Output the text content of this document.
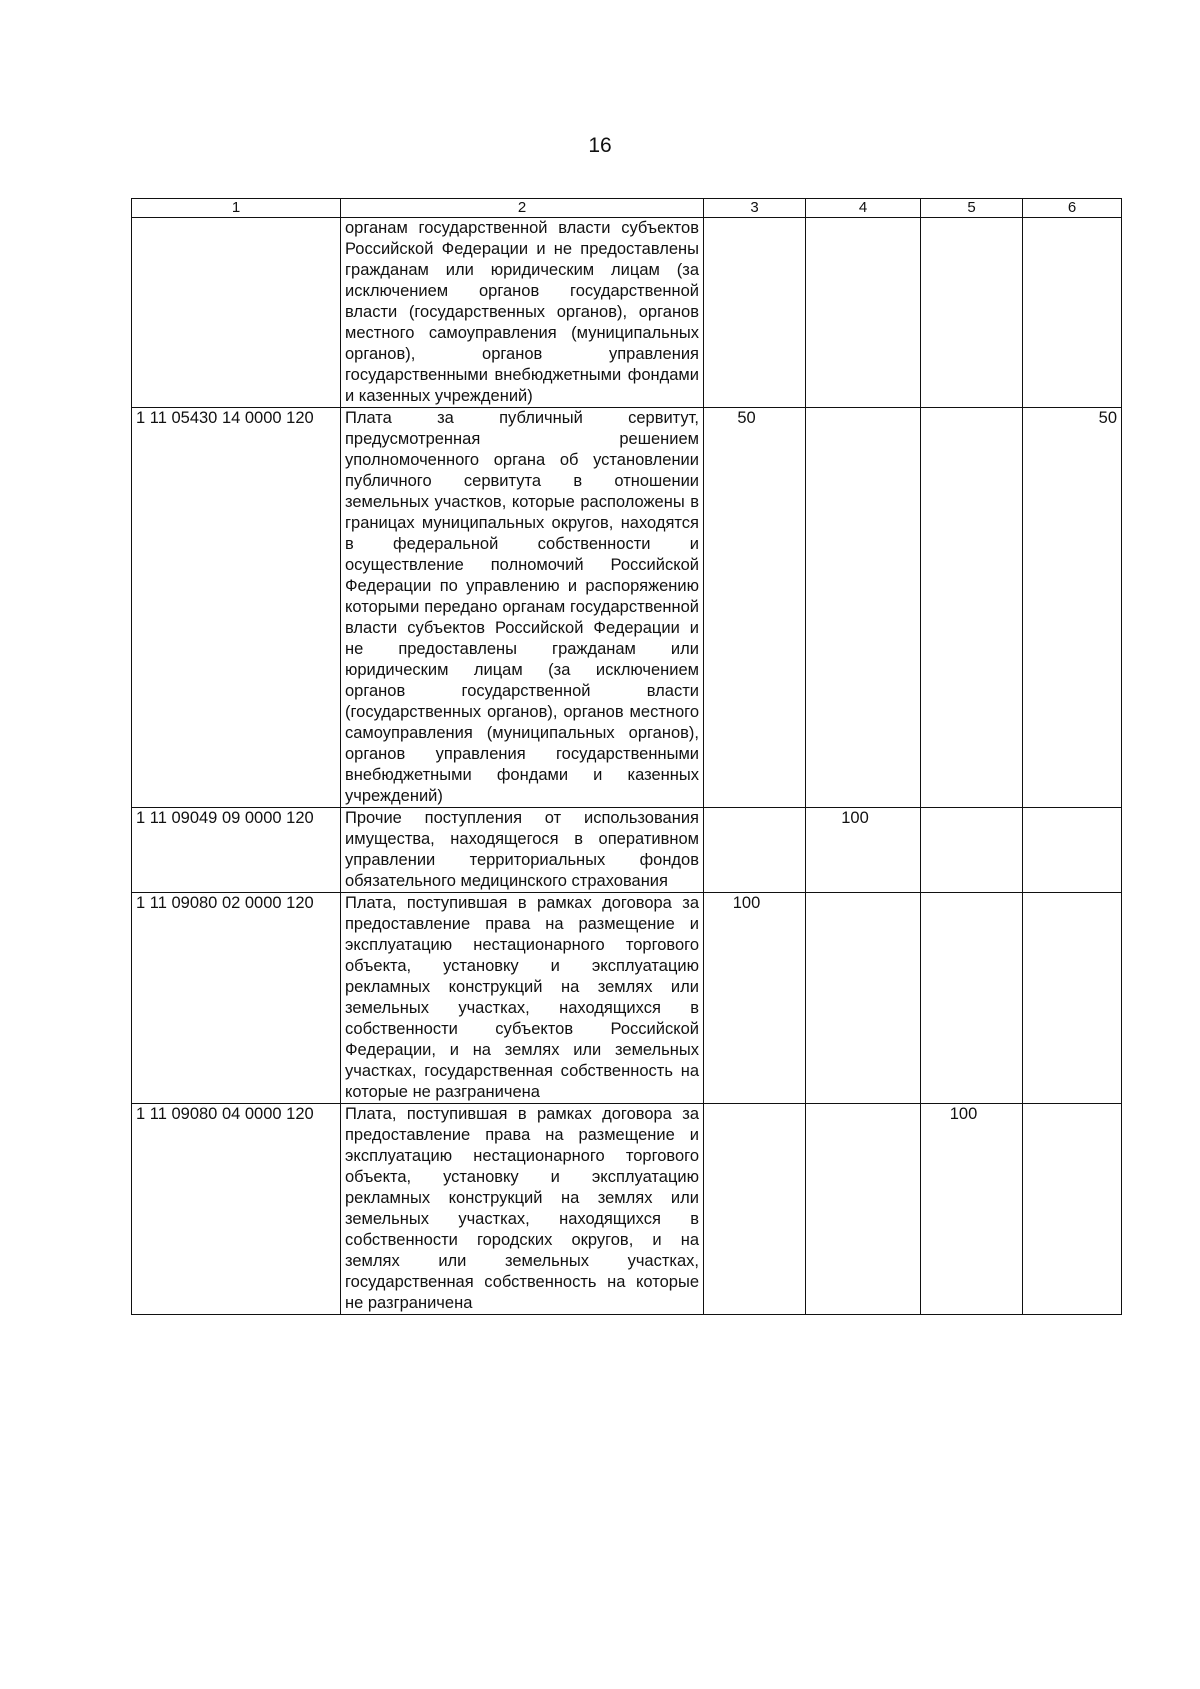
16
1	2	3	4	5	6
	органам государственной власти субъектов Российской Федерации и не предоставлены гражданам или юридическим лицам (за исключением органов государственной власти (государственных органов), органов местного самоуправления (муниципальных органов), органов управления государственными внебюджетными фондами и казенных учреждений)				
1 11 05430 14 0000 120	Плата за публичный сервитут, предусмотренная решением уполномоченного органа об установлении публичного сервитута в отношении земельных участков, которые расположены в границах муниципальных округов, находятся в федеральной собственности и осуществление полномочий Российской Федерации по управлению и распоряжению которыми передано органам государственной власти субъектов Российской Федерации и не предоставлены гражданам или юридическим лицам (за исключением органов государственной власти (государственных органов), органов местного самоуправления (муниципальных органов), органов управления государственными внебюджетными фондами и казенных учреждений)	50			50
1 11 09049 09 0000 120	Прочие поступления от использования имущества, находящегося в оперативном управлении территориальных фондов обязательного медицинского страхования		100		
1 11 09080 02 0000 120	Плата, поступившая в рамках договора за предоставление права на размещение и эксплуатацию нестационарного торгового объекта, установку и эксплуатацию рекламных конструкций на землях или земельных участках, находящихся в собственности субъектов Российской Федерации, и на землях или земельных участках, государственная собственность на которые не разграничена	100			
1 11 09080 04 0000 120	Плата, поступившая в рамках договора за предоставление права на размещение и эксплуатацию нестационарного торгового объекта, установку и эксплуатацию рекламных конструкций на землях или земельных участках, находящихся в собственности городских округов, и на землях или земельных участках, государственная собственность на которые не разграничена			100	
